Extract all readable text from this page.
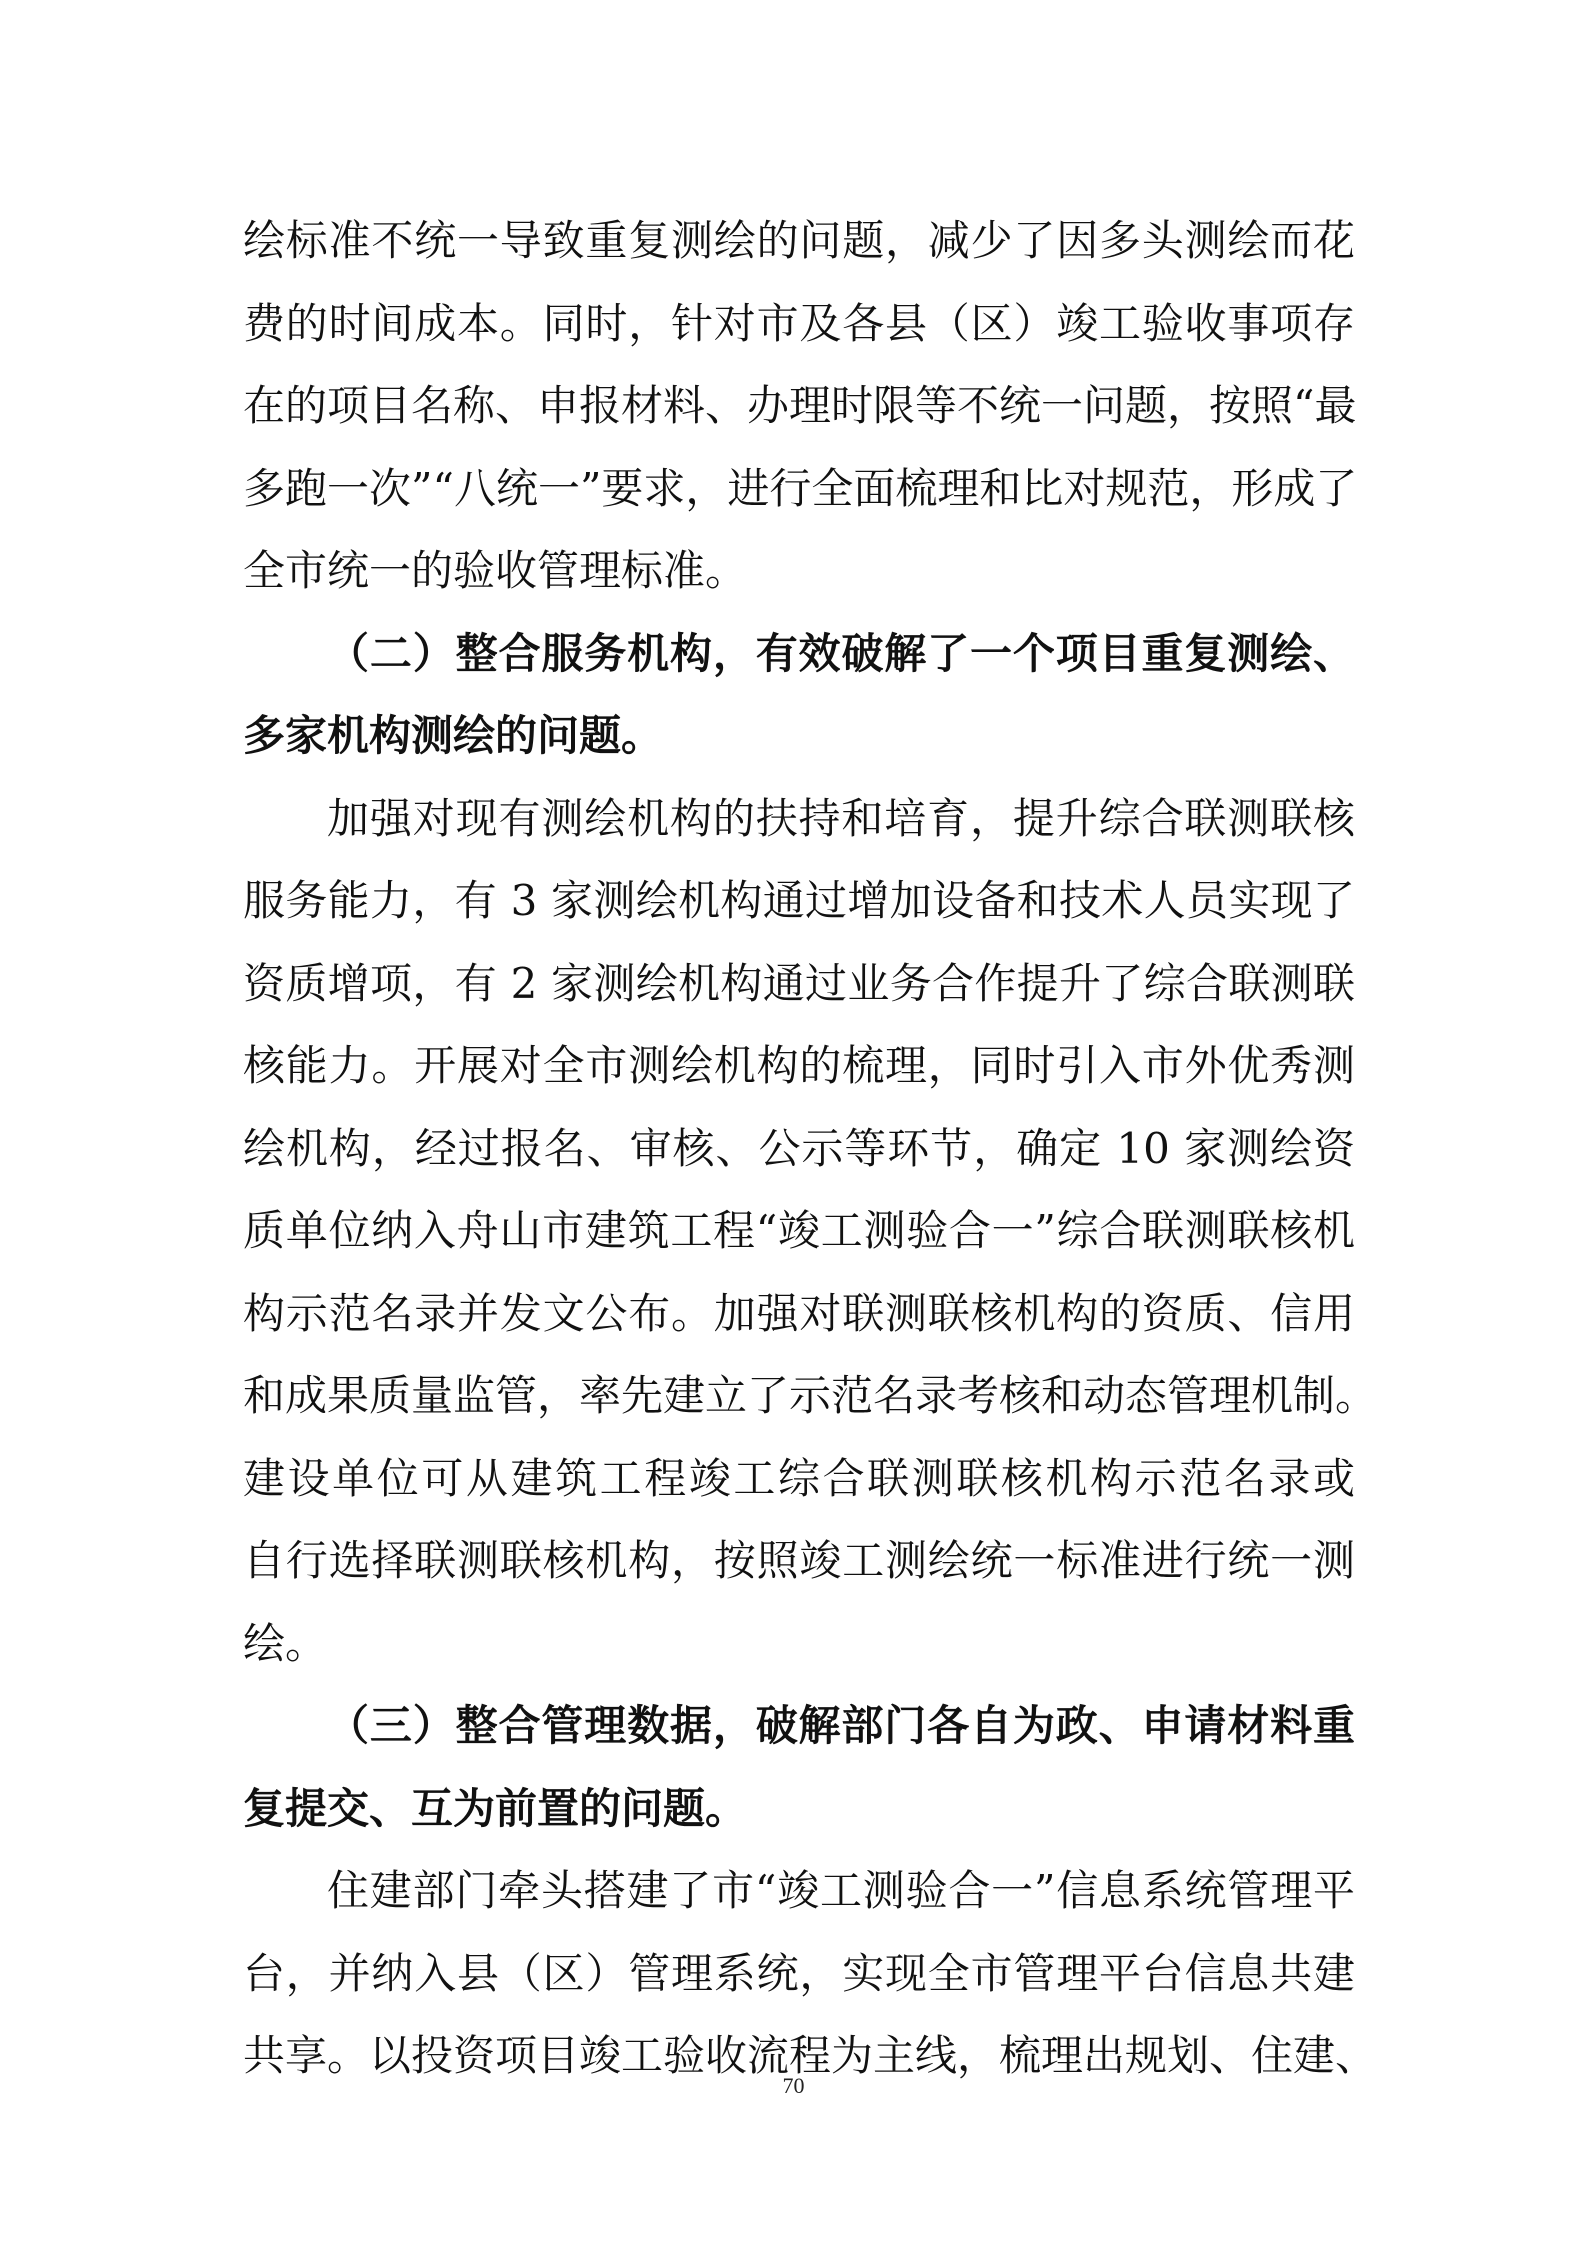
绘标准不统一导致重复测绘的问题，减少了因多头测绘而花
费的时间成本。同时，针对市及各县（区）竣工验收事项存
在的项目名称、申报材料、办理时限等不统一问题，按照“最
多跑一次”“八统一”要求，进行全面梳理和比对规范，形成了
全市统一的验收管理标准。
（二）整合服务机构，有效破解了一个项目重复测绘、
多家机构测绘的问题。
加强对现有测绘机构的扶持和培育，提升综合联测联核
服务能力，有 3 家测绘机构通过增加设备和技术人员实现了
资质增项，有 2 家测绘机构通过业务合作提升了综合联测联
核能力。开展对全市测绘机构的梳理，同时引入市外优秀测
绘机构，经过报名、审核、公示等环节，确定 10 家测绘资
质单位纳入舟山市建筑工程“竣工测验合一”综合联测联核机
构示范名录并发文公布。加强对联测联核机构的资质、信用
和成果质量监管，率先建立了示范名录考核和动态管理机制。
建设单位可从建筑工程竣工综合联测联核机构示范名录或
自行选择联测联核机构，按照竣工测绘统一标准进行统一测
绘。
（三）整合管理数据，破解部门各自为政、申请材料重
复提交、互为前置的问题。
住建部门牵头搭建了市“竣工测验合一”信息系统管理平
台，并纳入县（区）管理系统，实现全市管理平台信息共建
共享。以投资项目竣工验收流程为主线，梳理出规划、住建、
70
